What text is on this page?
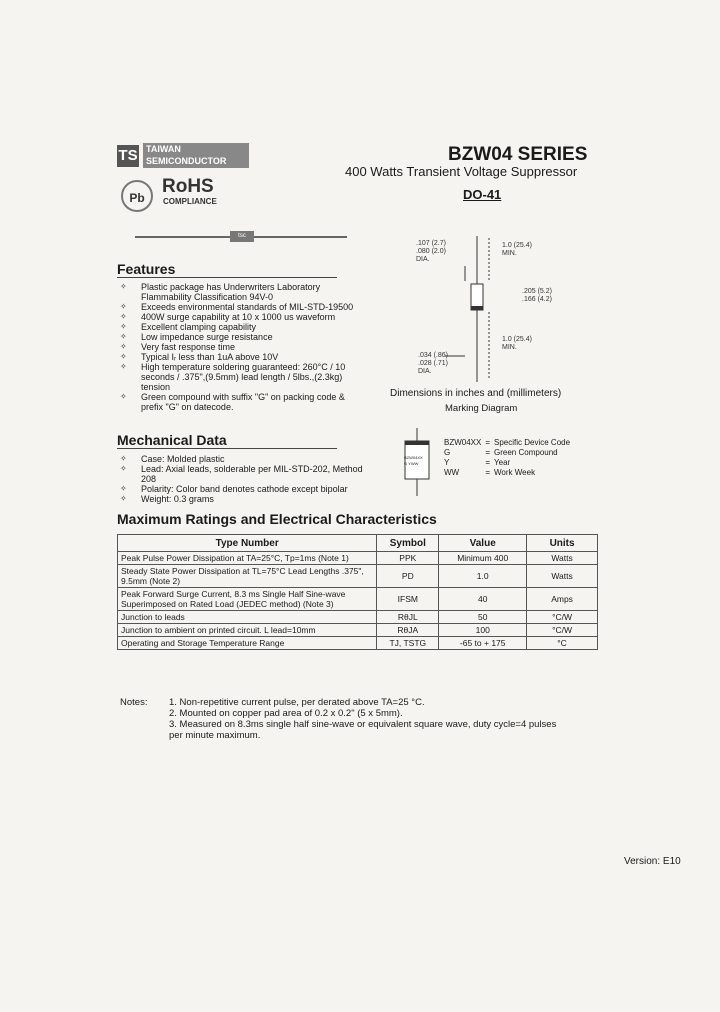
TS TAIWAN
SEMICONDUCTOR
Pb
RoHS
COMPLIANCE
BZW04 SERIES
400 Watts Transient Voltage Suppressor
DO-41
tsc
Features
✧ Plastic package has Underwriters Laboratory Flammability Classification 94V-0
✧ Exceeds environmental standards of MIL-STD-19500
✧ 400W surge capability at 10 x 1000 us waveform
✧ Excellent clamping capability
✧ Low impedance surge resistance
✧ Very fast response time
✧ Typical Iᵣ less than 1uA above 10V
✧ High temperature soldering guaranteed: 260°C / 10 seconds / .375",(9.5mm) lead length / 5lbs.,(2.3kg) tension
✧ Green compound with suffix "G" on packing code & prefix "G" on datecode.
Mechanical Data
✧ Case: Molded plastic
✧ Lead: Axial leads, solderable per MIL-STD-202, Method 208
✧ Polarity: Color band denotes cathode except bipolar
✧ Weight: 0.3 grams
.107 (2.7)
.080 (2.0)
DIA.
1.0 (25.4)
MIN.
.205 (5.2)
.166 (4.2)
1.0 (25.4)
MIN.
.034 (.86)
.028 (.71)
DIA.
Dimensions in inches and (millimeters)
Marking Diagram
BZW04XX
G YWW
BZW04XX	=	Specific Device Code
G	=	Green Compound
Y	=	Year
WW	=	Work Week
Maximum Ratings and Electrical Characteristics
Type Number	Symbol	Value	Units
Peak Pulse Power Dissipation at TA=25°C, Tp=1ms (Note 1)	PPK	Minimum 400	Watts
Steady State Power Dissipation at TL=75°C Lead Lengths .375", 9.5mm (Note 2)	PD	1.0	Watts
Peak Forward Surge Current, 8.3 ms Single Half Sine-wave Superimposed on Rated Load (JEDEC method) (Note 3)	IFSM	40	Amps
Junction to leads	RθJL	50	°C/W
Junction to ambient on printed circuit. L lead=10mm	RθJA	100	°C/W
Operating and Storage Temperature Range	TJ, TSTG	-65 to + 175	°C
Notes: 1. Non-repetitive current pulse, per derated above TA=25 °C.
2. Mounted on copper pad area of 0.2 x 0.2" (5 x 5mm).
3. Measured on 8.3ms single half sine-wave or equivalent square wave, duty cycle=4 pulses per minute maximum.
Version: E10
